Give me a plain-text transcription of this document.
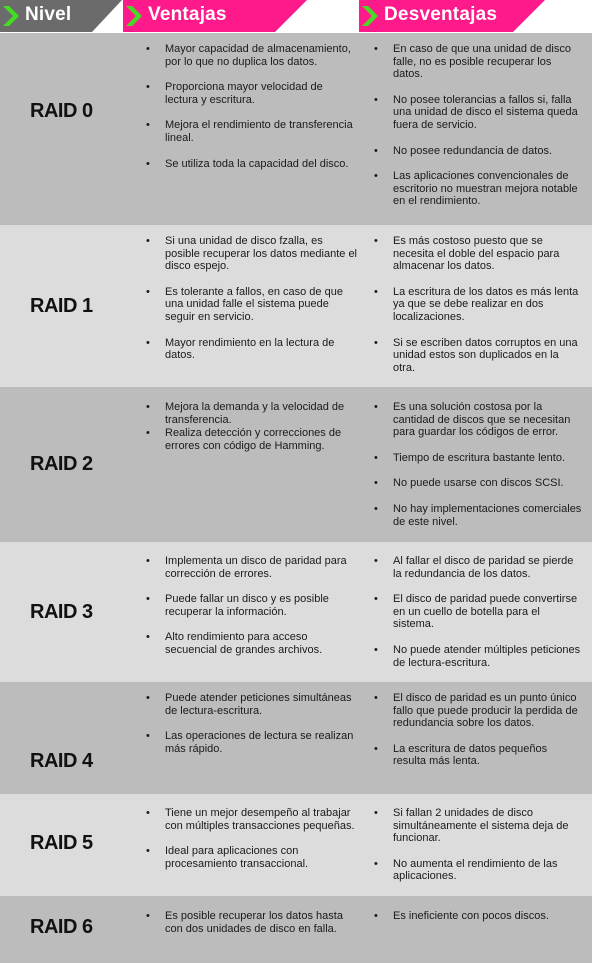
Nivel	Ventajas	Desventajas
RAID 0
• Mayor capacidad de almacenamiento, por lo que no duplica los datos.
• Proporciona mayor velocidad de lectura y escritura.
• Mejora el rendimiento de transferencia lineal.
• Se utiliza toda la capacidad del disco.
• En caso de que una unidad de disco falle, no es posible recuperar los datos.
• No posee tolerancias a fallos si, falla una unidad de disco el sistema queda fuera de servicio.
• No posee redundancia de datos.
• Las aplicaciones convencionales de escritorio no muestran mejora notable en el rendimiento.
RAID 1
• Si una unidad de disco fzalla, es posible recuperar los datos mediante el disco espejo.
• Es tolerante a fallos, en caso de que una unidad falle el sistema puede seguir en servicio.
• Mayor rendimiento en la lectura de datos.
• Es más costoso puesto que se necesita el doble del espacio para almacenar los datos.
• La escritura de los datos es más lenta ya que se debe realizar en dos localizaciones.
• Si se escriben datos corruptos en una unidad estos son duplicados en la otra.
RAID 2
• Mejora la demanda y la velocidad de transferencia.
• Realiza detección y correcciones de errores con código de Hamming.
• Es una solución costosa por la cantidad de discos que se necesitan para guardar los códigos de error.
• Tiempo de escritura bastante lento.
• No puede usarse con discos SCSI.
• No hay implementaciones comerciales de este nivel.
RAID 3
• Implementa un disco de paridad para corrección de errores.
• Puede fallar un disco y es posible recuperar la información.
• Alto rendimiento para acceso secuencial de grandes archivos.
• Al fallar el disco de paridad se pierde la redundancia de los datos.
• El disco de paridad puede convertirse en un cuello de botella para el sistema.
• No puede atender múltiples peticiones de lectura-escritura.
RAID 4
• Puede atender peticiones simultáneas de lectura-escritura.
• Las operaciones de lectura se realizan más rápido.
• El disco de paridad es un punto único fallo que puede producir la perdida de redundancia sobre los datos.
• La escritura de datos pequeños resulta más lenta.
RAID 5
• Tiene un mejor desempeño al trabajar con múltiples transacciones pequeñas.
• Ideal para aplicaciones con procesamiento transaccional.
• Si fallan 2 unidades de disco simultáneamente el sistema deja de funcionar.
• No aumenta el rendimiento de las aplicaciones.
RAID 6
•	Es posible recuperar los datos hasta con dos unidades de disco en falla.
• Es ineficiente con pocos discos.
